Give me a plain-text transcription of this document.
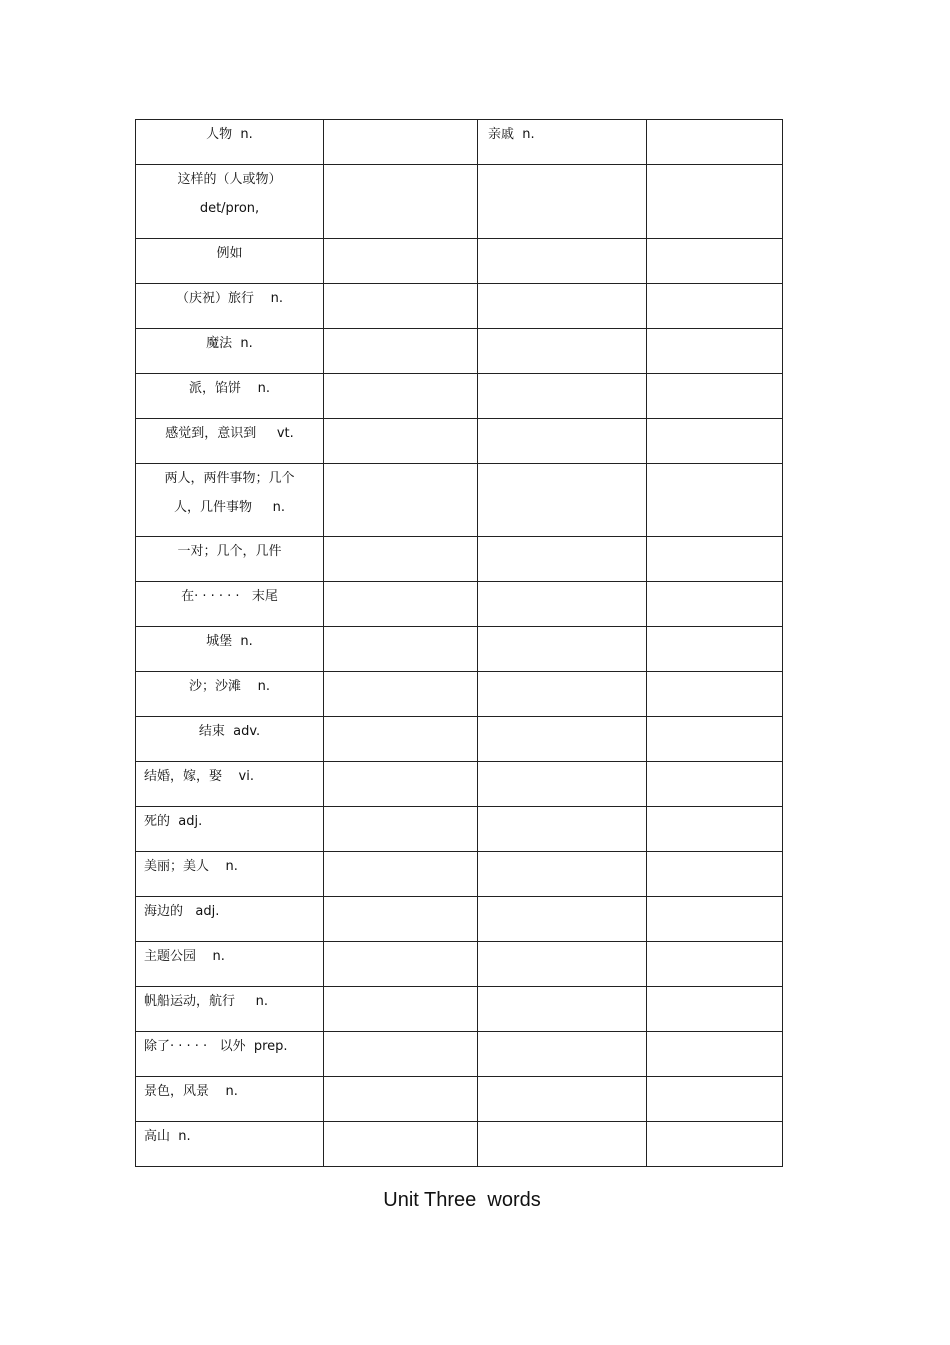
人物  n.		亲戚  n.	

这样的（人或物）
det/pron,			

例如			

（庆祝）旅行    n.			

魔法  n.			

派，馅饼    n.			

感觉到，意识到     vt.			

两人，两件事物；几个
人，几件事物     n.			

一对；几个，几件			

在· · · · · ·   末尾			

城堡  n.			

沙；沙滩    n.			

结束  adv.			

结婚，嫁，娶    vi.			

死的  adj.			

美丽；美人    n.			

海边的   adj.			

主题公园    n.			

帆船运动，航行     n.			

除了· · · · ·   以外  prep.			

景色，风景    n.			

高山  n.			

Unit Three  words
